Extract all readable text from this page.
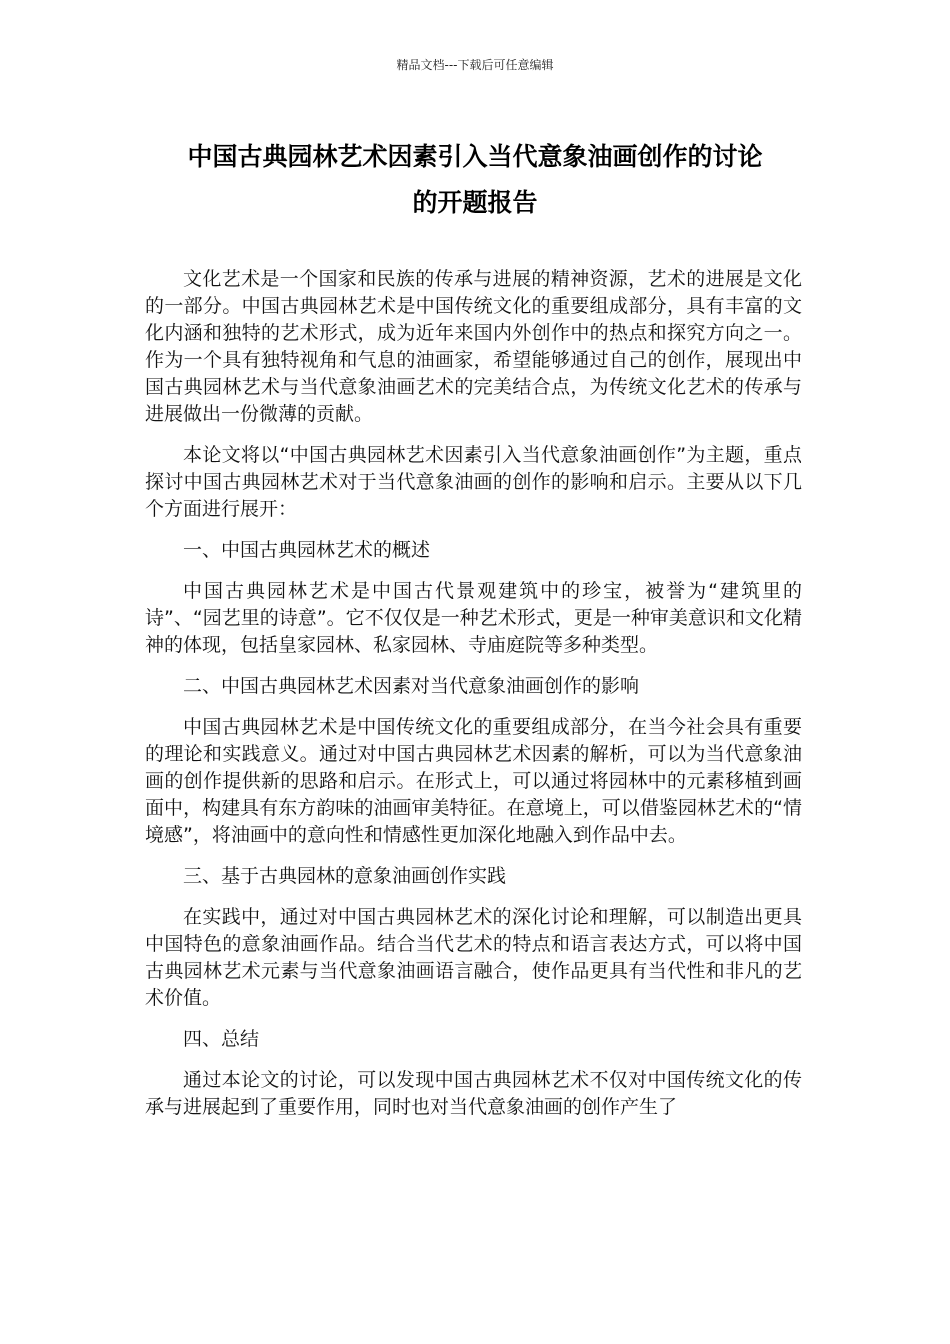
精品文档---下载后可任意编辑
中国古典园林艺术因素引入当代意象油画创作的讨论
的开题报告

文化艺术是一个国家和民族的传承与进展的精神资源，艺术的进展是文化的一部分。中国古典园林艺术是中国传统文化的重要组成部分，具有丰富的文化内涵和独特的艺术形式，成为近年来国内外创作中的热点和探究方向之一。作为一个具有独特视角和气息的油画家，希望能够通过自己的创作，展现出中国古典园林艺术与当代意象油画艺术的完美结合点，为传统文化艺术的传承与进展做出一份微薄的贡献。

本论文将以“中国古典园林艺术因素引入当代意象油画创作”为主题，重点探讨中国古典园林艺术对于当代意象油画的创作的影响和启示。主要从以下几个方面进行展开：

一、中国古典园林艺术的概述

中国古典园林艺术是中国古代景观建筑中的珍宝，被誉为“建筑里的诗”、“园艺里的诗意”。它不仅仅是一种艺术形式，更是一种审美意识和文化精神的体现，包括皇家园林、私家园林、寺庙庭院等多种类型。

二、中国古典园林艺术因素对当代意象油画创作的影响

中国古典园林艺术是中国传统文化的重要组成部分，在当今社会具有重要的理论和实践意义。通过对中国古典园林艺术因素的解析，可以为当代意象油画的创作提供新的思路和启示。在形式上，可以通过将园林中的元素移植到画面中，构建具有东方韵味的油画审美特征。在意境上，可以借鉴园林艺术的“情境感”，将油画中的意向性和情感性更加深化地融入到作品中去。

三、基于古典园林的意象油画创作实践

在实践中，通过对中国古典园林艺术的深化讨论和理解，可以制造出更具中国特色的意象油画作品。结合当代艺术的特点和语言表达方式，可以将中国古典园林艺术元素与当代意象油画语言融合，使作品更具有当代性和非凡的艺术价值。

四、总结

通过本论文的讨论，可以发现中国古典园林艺术不仅对中国传统文化的传承与进展起到了重要作用，同时也对当代意象油画的创作产生了
